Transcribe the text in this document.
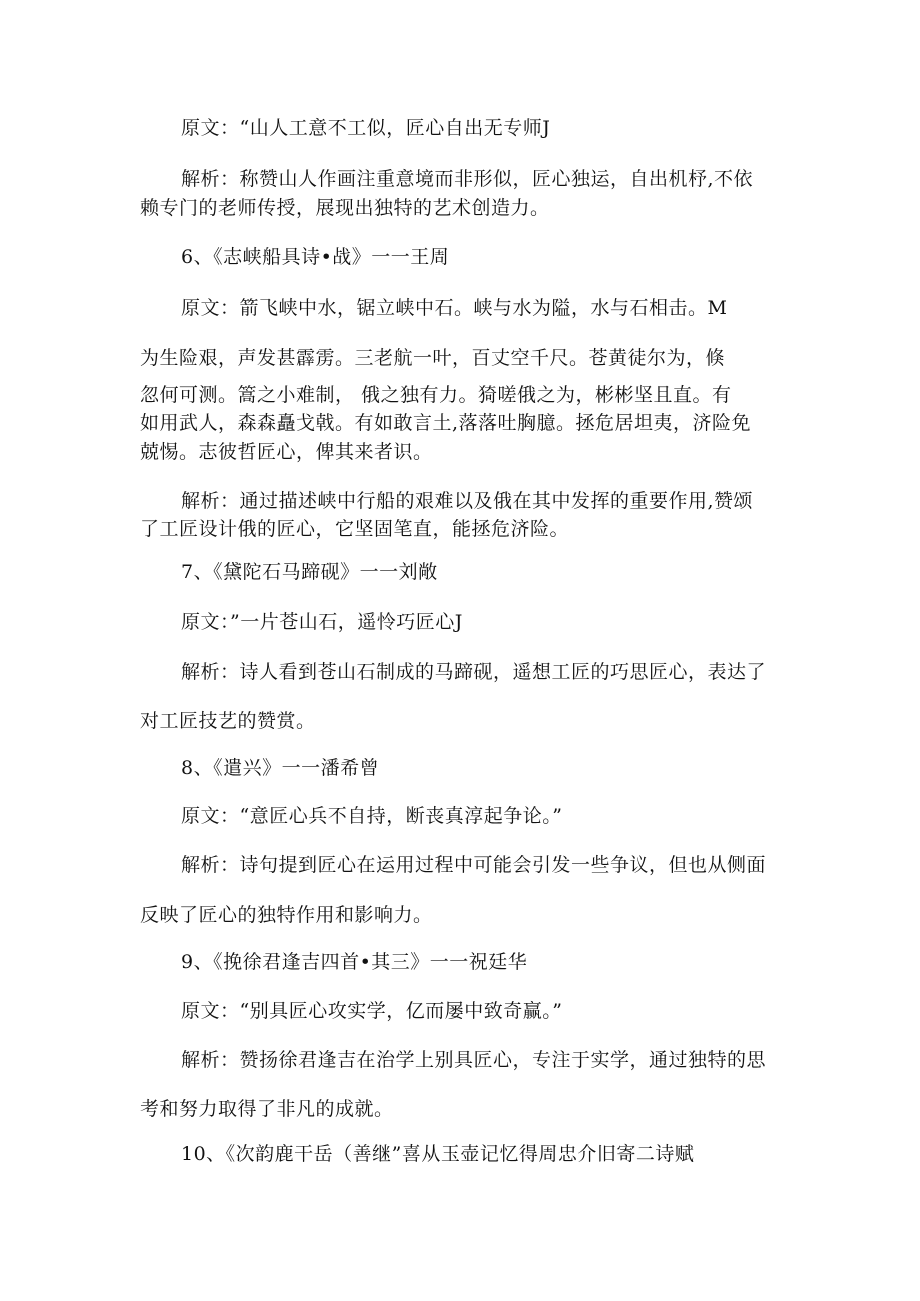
原文：“山人工意不工似，匠心自出无专师J
解析：称赞山人作画注重意境而非形似，匠心独运，自出机杼,不依
赖专门的老师传授，展现出独特的艺术创造力。
6、《志峡船具诗•战》一一王周
原文：箭飞峡中水，锯立峡中石。峡与水为隘，水与石相击。M
为生险艰，声发甚霹雳。三老航一叶，百丈空千尺。苍黄徒尔为，倏
忽何可测。篙之小难制， 俄之独有力。猗嗟俄之为，彬彬坚且直。有
如用武人，森森矗戈戟。有如敢言土,落落吐胸臆。拯危居坦夷，济险免
兢惕。志彼哲匠心，俾其来者识。
解析：通过描述峡中行船的艰难以及俄在其中发挥的重要作用,赞颂
了工匠设计俄的匠心，它坚固笔直，能拯危济险。
7、《黛陀石马蹄砚》一一刘敞
原文：”一片苍山石，遥怜巧匠心J
解析：诗人看到苍山石制成的马蹄砚，遥想工匠的巧思匠心，表达了
对工匠技艺的赞赏。
8、《遣兴》一一潘希曾
原文：“意匠心兵不自持，断丧真淳起争论。”
解析：诗句提到匠心在运用过程中可能会引发一些争议，但也从侧面
反映了匠心的独特作用和影响力。
9、《挽徐君逢吉四首•其三》一一祝廷华
原文：“别具匠心攻实学，亿而屡中致奇赢。”
解析：赞扬徐君逢吉在治学上别具匠心，专注于实学，通过独特的思
考和努力取得了非凡的成就。
10、《次韵鹿干岳（善继”喜从玉壶记忆得周忠介旧寄二诗赋
